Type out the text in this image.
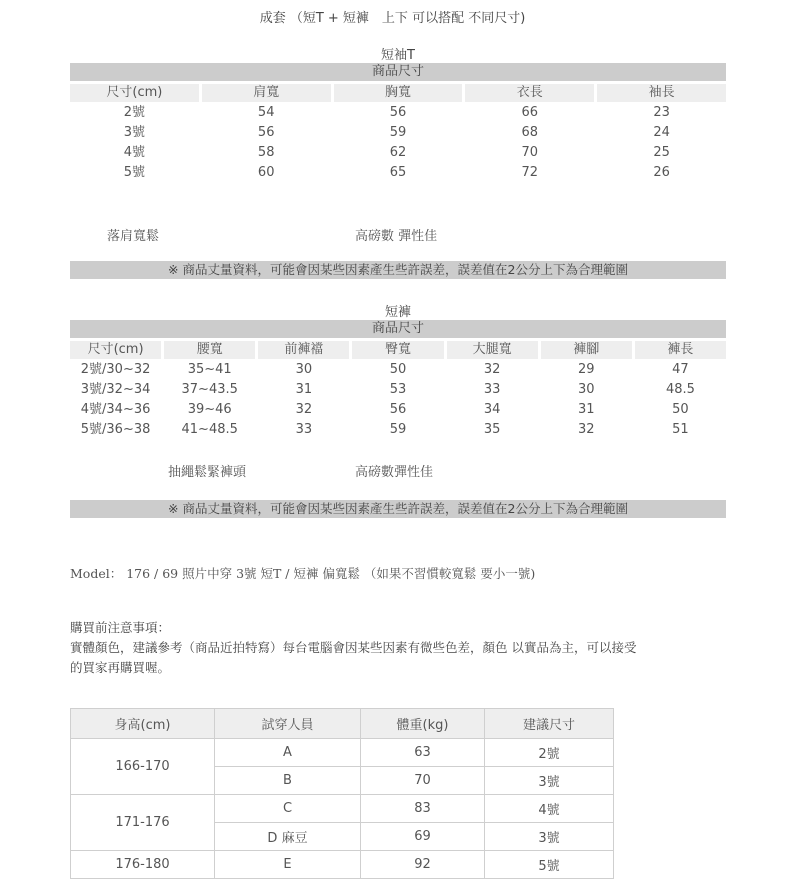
成套 （短T + 短褲　上下 可以搭配 不同尺寸)
短袖T
商品尺寸
尺寸(cm)	肩寬	胸寬	衣長	袖長
2號	54	56	66	23
3號	56	59	68	24
4號	58	62	70	25
5號	60	65	72	26
落肩寬鬆	高磅數 彈性佳
※ 商品丈量資料，可能會因某些因素產生些許誤差，誤差值在2公分上下為合理範圍
短褲
商品尺寸
尺寸(cm)	腰寬	前褲襠	臀寬	大腿寬	褲腳	褲長
2號/30~32	35~41	30	50	32	29	47
3號/32~34	37~43.5	31	53	33	30	48.5
4號/34~36	39~46	32	56	34	31	50
5號/36~38	41~48.5	33	59	35	32	51
抽繩鬆緊褲頭	高磅數彈性佳
※ 商品丈量資料，可能會因某些因素產生些許誤差，誤差值在2公分上下為合理範圍
Model： 176 / 69 照片中穿 3號 短T / 短褲 偏寬鬆 （如果不習慣較寬鬆 要小一號)
購買前注意事項：
實體顏色，建議參考（商品近拍特寫）每台電腦會因某些因素有微些色差，顏色 以實品為主，可以接受
的買家再購買喔。
身高(cm)	試穿人員	體重(kg)	建議尺寸
166-170	A	63	2號
	B	70	3號
171-176	C	83	4號
	D 麻豆	69	3號
176-180	E	92	5號
